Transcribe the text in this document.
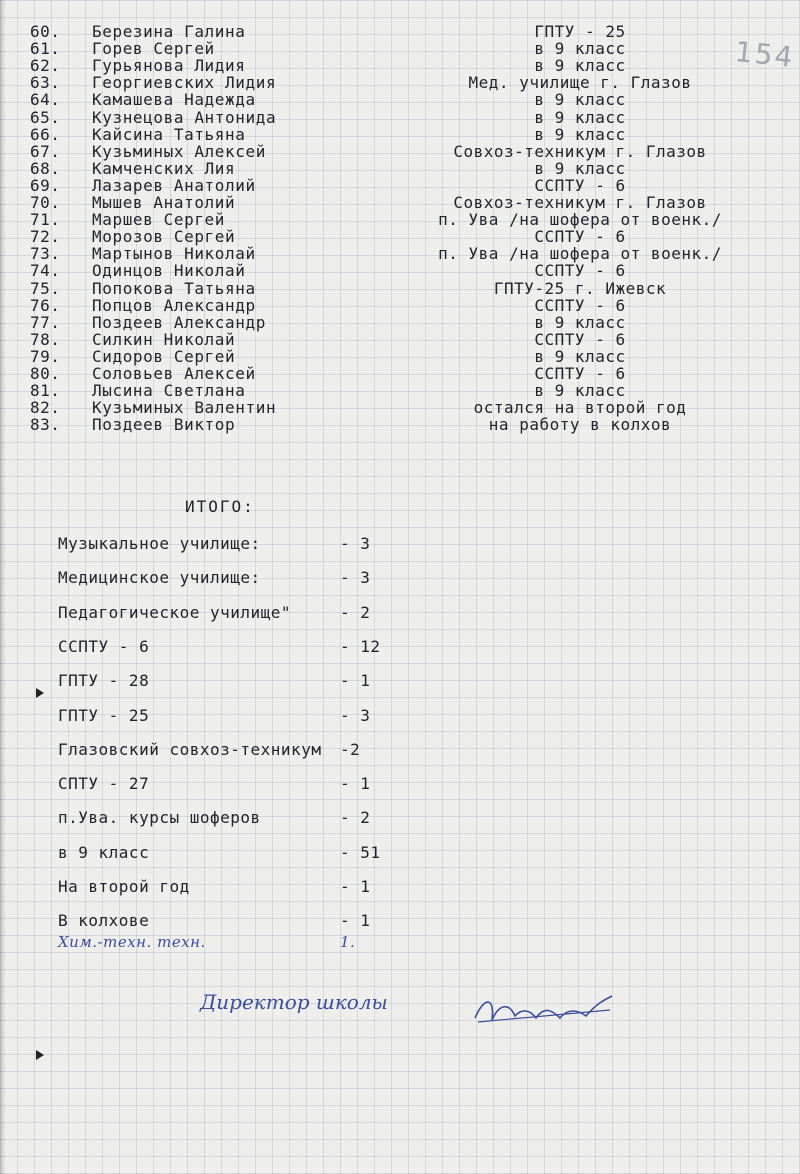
154
60. Березина Галина	ГПТУ - 25
61. Горев Сергей	в 9 класс
62. Гурьянова Лидия	в 9 класс
63. Георгиевских Лидия	Мед. училище г. Глазов
64. Камашева Надежда	в 9 класс
65. Кузнецова Антонида	в 9 класс
66. Кайсина Татьяна	в 9 класс
67. Кузьминых Алексей	Совхоз-техникум г. Глазов
68. Камченских Лия	в 9 класс
69. Лазарев Анатолий	ССПТУ - 6
70. Мышев Анатолий	Совхоз-техникум г. Глазов
71. Маршев Сергей	п. Ува /на шофера от военк./
72. Морозов Сергей	ССПТУ - 6
73. Мартынов Николай	п. Ува /на шофера от военк./
74. Одинцов Николай	ССПТУ - 6
75. Попокова Татьяна	ГПТУ-25 г. Ижевск
76. Попцов Александр	ССПТУ - 6
77. Поздеев Александр	в 9 класс
78. Силкин Николай	ССПТУ - 6
79. Сидоров Сергей	в 9 класс
80. Соловьев Алексей	ССПТУ - 6
81. Лысина Светлана	в 9 класс
82. Кузьминых Валентин	остался на второй год
83. Поздеев Виктор	на работу в колхов
ИТОГО:
Музыкальное училище:	- 3
Медицинское училище:	- 3
Педагогическое училище"	- 2
ССПТУ - 6	- 12
ГПТУ - 28	- 1
ГПТУ - 25	- 3
Глазовский совхоз-техникум -2
СПТУ - 27	- 1
п.Ува. курсы шоферов	- 2
в 9 класс	- 51
На второй год	- 1
В колхове	- 1
Хим.-техн. техн.	1.
Директор школы
